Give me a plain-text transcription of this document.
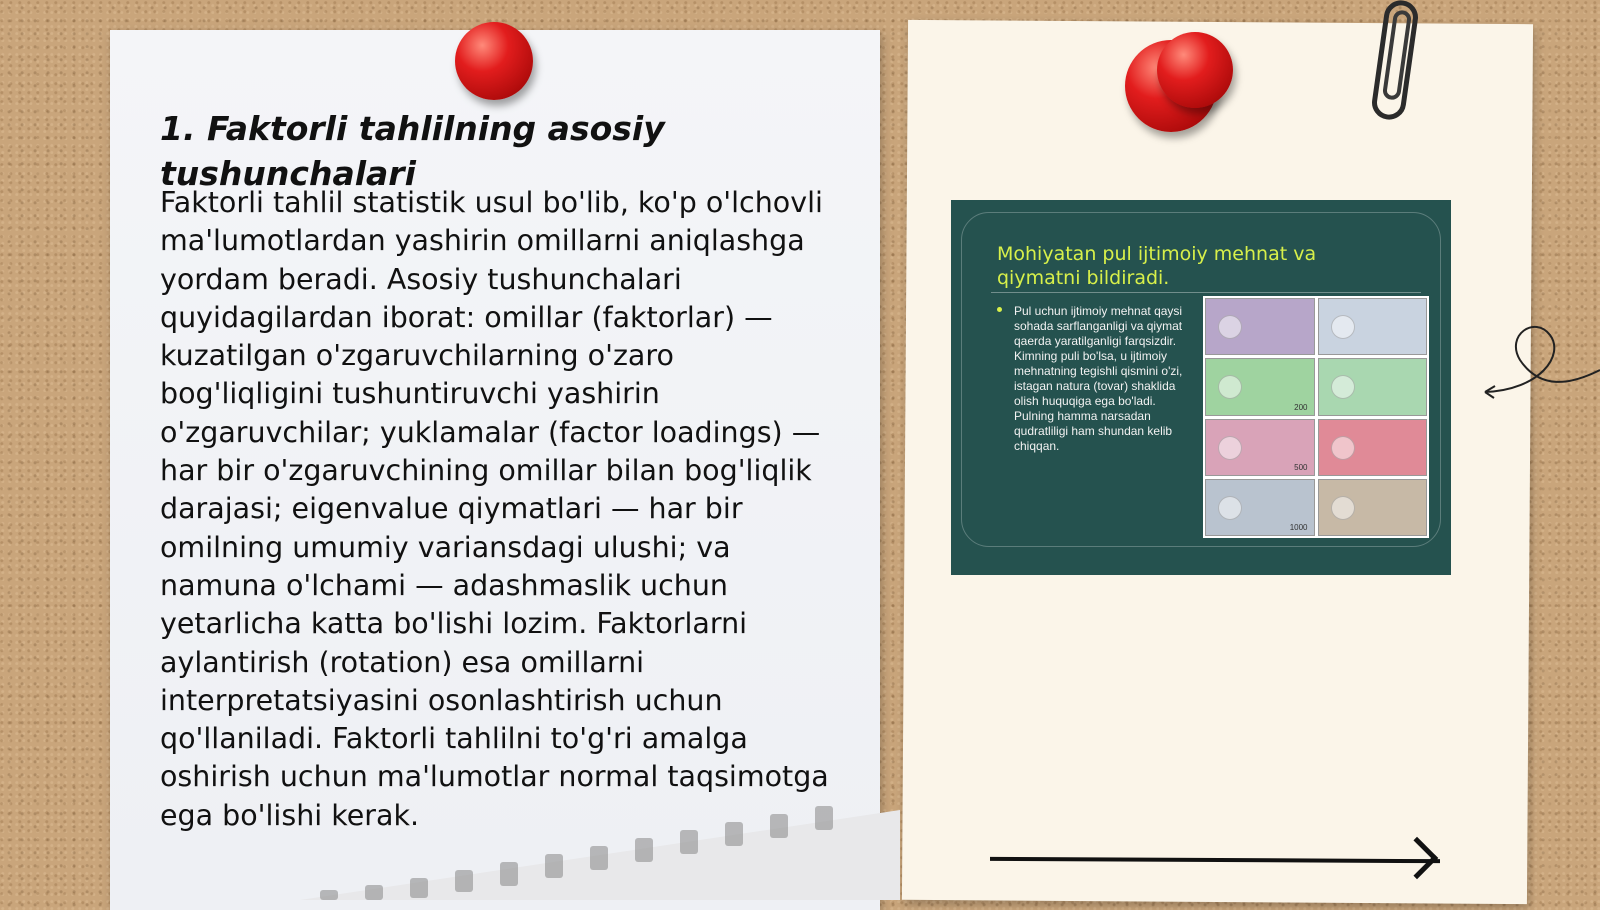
1. Faktorli tahlilning asosiy tushunchalari

Faktorli tahlil statistik usul bo'lib, ko'p o'lchovli ma'lumotlardan yashirin omillarni aniqlashga yordam beradi. Asosiy tushunchalari quyidagilardan iborat: omillar (faktorlar) — kuzatilgan o'zgaruvchilarning o'zaro bog'liqligini tushuntiruvchi yashirin o'zgaruvchilar; yuklamalar (factor loadings) — har bir o'zgaruvchining omillar bilan bog'liqlik darajasi; eigenvalue qiymatlari — har bir omilning umumiy variansdagi ulushi; va namuna o'lchami — adashmaslik uchun yetarlicha katta bo'lishi lozim. Faktorlarni aylantirish (rotation) esa omillarni interpretatsiyasini osonlashtirish uchun qo'llaniladi. Faktorli tahlilni to'g'ri amalga oshirish uchun ma'lumotlar normal taqsimotga ega bo'lishi kerak.

Mohiyatan pul ijtimoiy mehnat va qiymatni bildiradi.

Pul uchun ijtimoiy mehnat qaysi sohada sarflanganligi va qiymat qaerda yaratilganligi farqsizdir. Kimning puli bo'lsa, u ijtimoiy mehnatning tegishli qismini o'zi, istagan natura (tovar) shaklida olish huquqiga ega bo'ladi. Pulning hamma narsadan qudratliligi ham shundan kelib chiqqan.

200
500
1000
